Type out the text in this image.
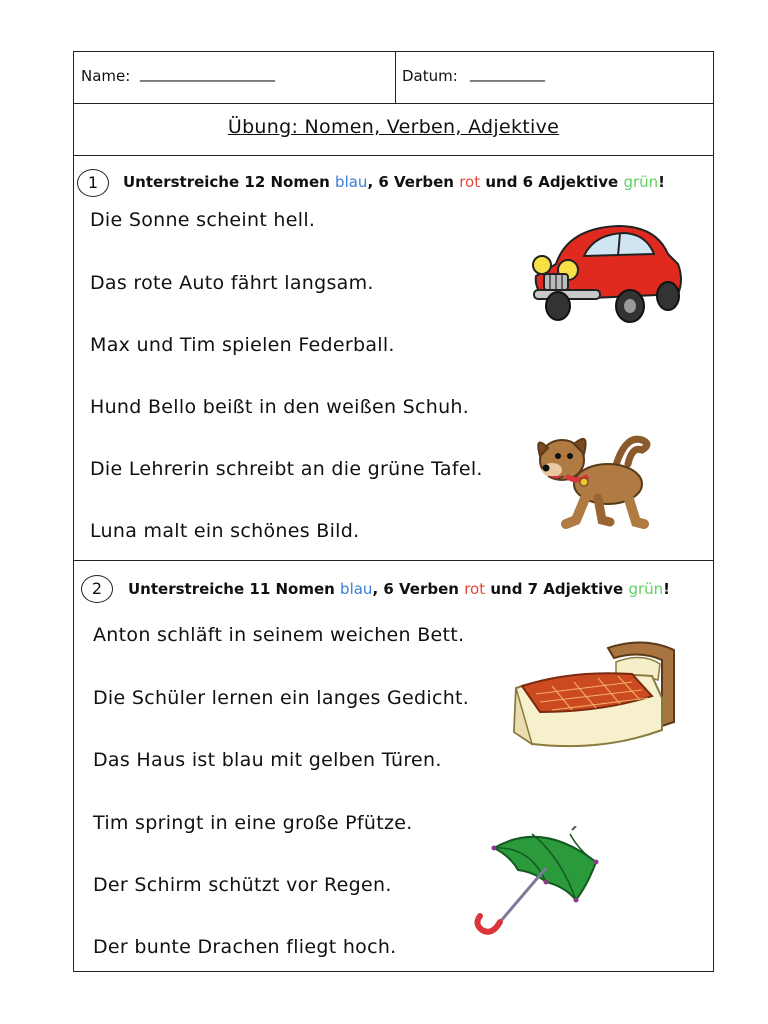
Name: __________________	Datum: __________
Übung: Nomen, Verben, Adjektive
1	Unterstreiche 12 Nomen blau, 6 Verben rot und 6 Adjektive grün!
Die Sonne scheint hell.
Das rote Auto fährt langsam.
Max und Tim spielen Federball.
Hund Bello beißt in den weißen Schuh.
Die Lehrerin schreibt an die grüne Tafel.
Luna malt ein schönes Bild.
2	Unterstreiche 11 Nomen blau, 6 Verben rot und 7 Adjektive grün!
Anton schläft in seinem weichen Bett.
Die Schüler lernen ein langes Gedicht.
Das Haus ist blau mit gelben Türen.
Tim springt in eine große Pfütze.
Der Schirm schützt vor Regen.
Der bunte Drachen fliegt hoch.
